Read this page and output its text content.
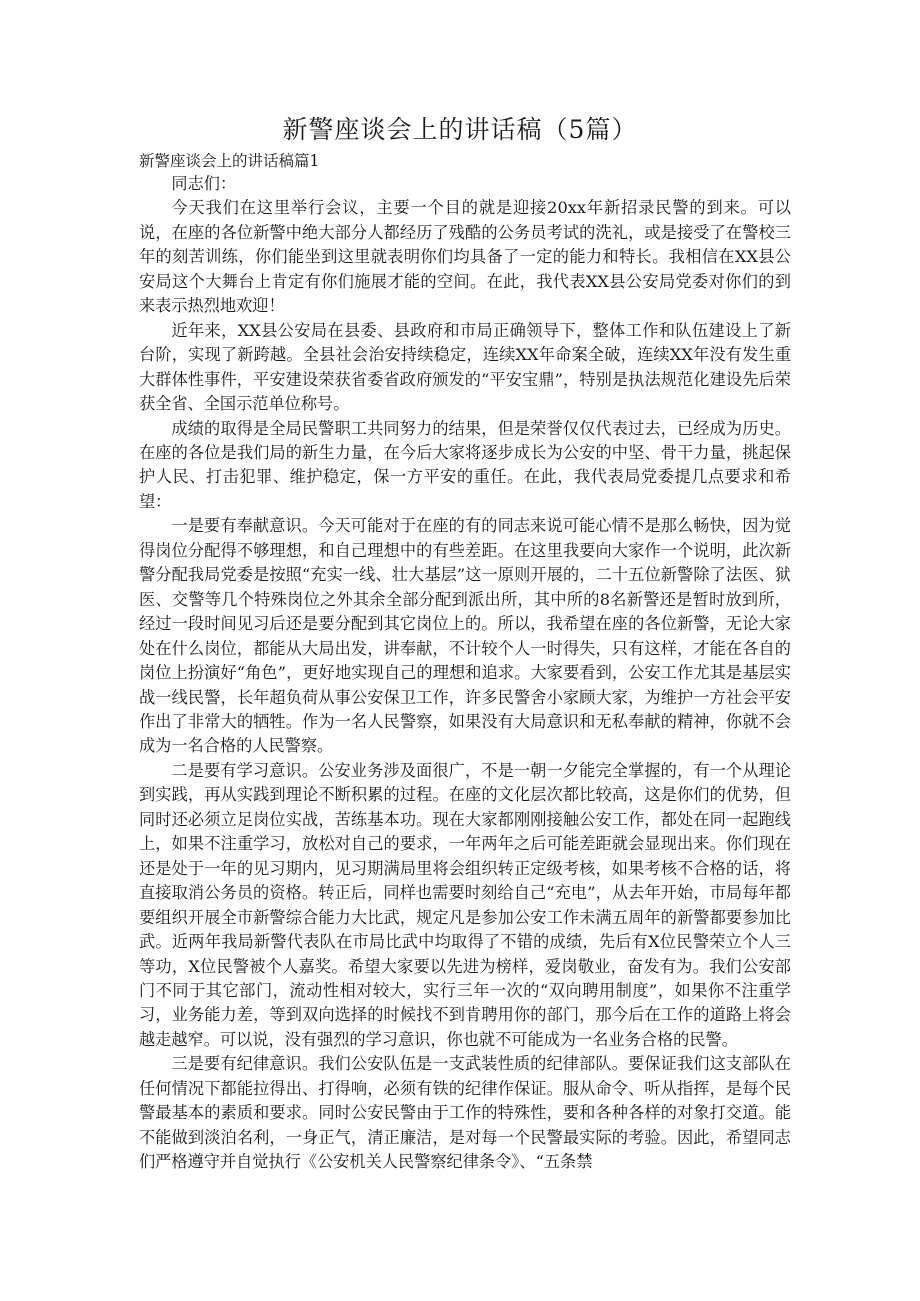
新警座谈会上的讲话稿（5篇）
新警座谈会上的讲话稿篇1

同志们：

今天我们在这里举行会议，主要一个目的就是迎接20xx年新招录民警的到来。可以说，在座的各位新警中绝大部分人都经历了残酷的公务员考试的洗礼，或是接受了在警校三年的刻苦训练，你们能坐到这里就表明你们均具备了一定的能力和特长。我相信在XX县公安局这个大舞台上肯定有你们施展才能的空间。在此，我代表XX县公安局党委对你们的到来表示热烈地欢迎！

近年来，XX县公安局在县委、县政府和市局正确领导下，整体工作和队伍建设上了新台阶，实现了新跨越。全县社会治安持续稳定，连续XX年命案全破，连续XX年没有发生重大群体性事件，平安建设荣获省委省政府颁发的“平安宝鼎”，特别是执法规范化建设先后荣获全省、全国示范单位称号。

成绩的取得是全局民警职工共同努力的结果，但是荣誉仅仅代表过去，已经成为历史。在座的各位是我们局的新生力量，在今后大家将逐步成长为公安的中坚、骨干力量，挑起保护人民、打击犯罪、维护稳定，保一方平安的重任。在此，我代表局党委提几点要求和希望：

一是要有奉献意识。今天可能对于在座的有的同志来说可能心情不是那么畅快，因为觉得岗位分配得不够理想，和自己理想中的有些差距。在这里我要向大家作一个说明，此次新警分配我局党委是按照“充实一线、壮大基层”这一原则开展的，二十五位新警除了法医、狱医、交警等几个特殊岗位之外其余全部分配到派出所，其中所的8名新警还是暂时放到所，经过一段时间见习后还是要分配到其它岗位上的。所以，我希望在座的各位新警，无论大家处在什么岗位，都能从大局出发，讲奉献，不计较个人一时得失，只有这样，才能在各自的岗位上扮演好“角色”，更好地实现自己的理想和追求。大家要看到，公安工作尤其是基层实战一线民警，长年超负荷从事公安保卫工作，许多民警舍小家顾大家，为维护一方社会平安作出了非常大的牺牲。作为一名人民警察，如果没有大局意识和无私奉献的精神，你就不会成为一名合格的人民警察。

二是要有学习意识。公安业务涉及面很广，不是一朝一夕能完全掌握的，有一个从理论到实践，再从实践到理论不断积累的过程。在座的文化层次都比较高，这是你们的优势，但同时还必须立足岗位实战，苦练基本功。现在大家都刚刚接触公安工作，都处在同一起跑线上，如果不注重学习，放松对自己的要求，一年两年之后可能差距就会显现出来。你们现在还是处于一年的见习期内，见习期满局里将会组织转正定级考核，如果考核不合格的话，将直接取消公务员的资格。转正后，同样也需要时刻给自己“充电”，从去年开始，市局每年都要组织开展全市新警综合能力大比武，规定凡是参加公安工作未满五周年的新警都要参加比武。近两年我局新警代表队在市局比武中均取得了不错的成绩，先后有X位民警荣立个人三等功，X位民警被个人嘉奖。希望大家要以先进为榜样，爱岗敬业，奋发有为。我们公安部门不同于其它部门，流动性相对较大，实行三年一次的“双向聘用制度”，如果你不注重学习，业务能力差，等到双向选择的时候找不到肯聘用你的部门，那今后在工作的道路上将会越走越窄。可以说，没有强烈的学习意识，你也就不可能成为一名业务合格的民警。

三是要有纪律意识。我们公安队伍是一支武装性质的纪律部队。要保证我们这支部队在任何情况下都能拉得出、打得响，必须有铁的纪律作保证。服从命令、听从指挥，是每个民警最基本的素质和要求。同时公安民警由于工作的特殊性，要和各种各样的对象打交道。能不能做到淡泊名利，一身正气，清正廉洁，是对每一个民警最实际的考验。因此，希望同志们严格遵守并自觉执行《公安机关人民警察纪律条令》、“五条禁
